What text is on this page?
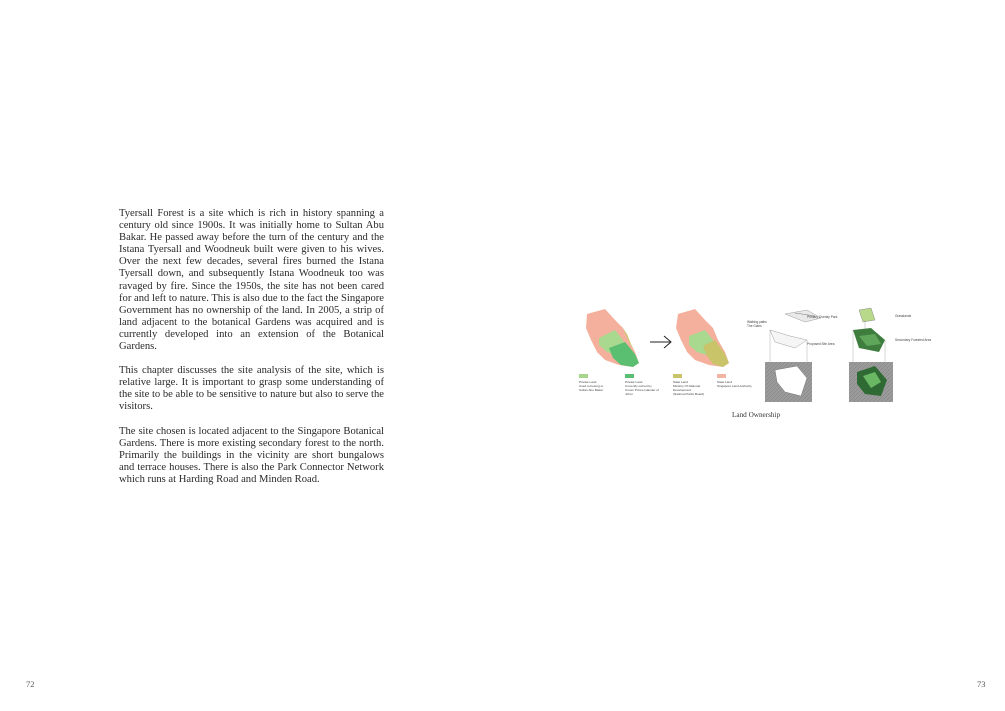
Tyersall Forest is a site which is rich in history spanning a century old since 1900s. It was initially home to Sultan Abu Bakar. He passed away before the turn of the century and the Istana Tyersall and Woodneuk built were given to his wives. Over the next few decades, several fires burned the Istana Tyersall down, and subsequently Istana Woodneuk too was ravaged by fire. Since the 1950s, the site has not been cared for and left to nature. This is also due to the fact the Singapore Government has no ownership of the land. In 2005, a strip of land adjacent to the botanical Gardens was acquired and is currently developed into an extension of the Botanical Gardens.

This chapter discusses the site analysis of the site, which is relative large. It is important to grasp some understanding of the site to be able to be sensitive to nature but also to serve the visitors.

The site chosen is located adjacent to the Singapore Botanical Gardens. There is more existing secondary forest to the north. Primarily the buildings in the vicinity are short bungalows and terrace houses. There is also the Park Connector Network which runs at Harding Road and Minden Road.

72
Private Land
Used to belong to
Sultan Abu Bakar
Private Land
Currently owned by
Crown Prince Islander of
Johor
State Land
Ministry Of National
Development
(National Parks Board)
State Land
Singapore Land Authority
Walking paths
The Gains
Primary Overlay Park
Proposed Site Area
Grasslands
Secondary Forested Area
Land Ownership
73
